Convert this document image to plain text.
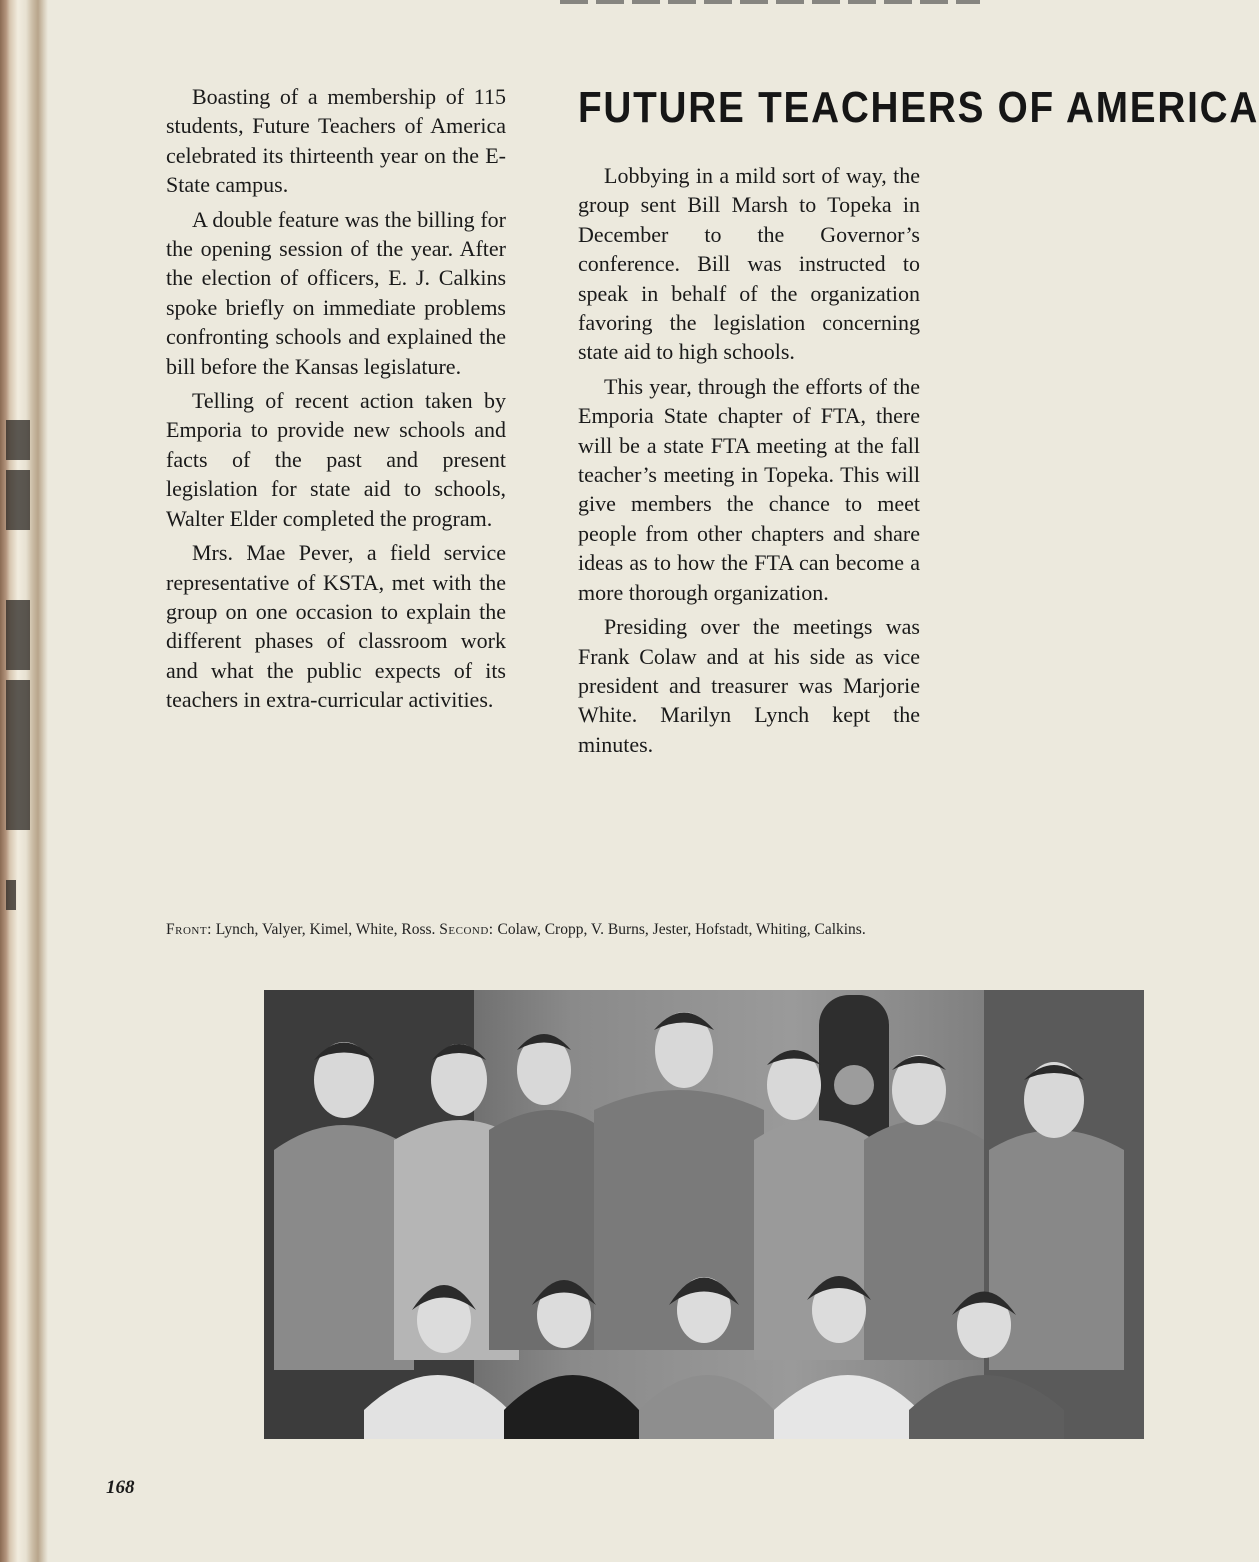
FUTURE TEACHERS OF AMERICA

Boasting of a membership of 115 students, Future Teachers of America celebrated its thirteenth year on the E-State campus.

A double feature was the billing for the opening session of the year. After the election of officers, E. J. Calkins spoke briefly on immediate problems confronting schools and explained the bill before the Kansas legislature.

Telling of recent action taken by Emporia to provide new schools and facts of the past and present legislation for state aid to schools, Walter Elder completed the program.

Mrs. Mae Pever, a field service representative of KSTA, met with the group on one occasion to explain the different phases of classroom work and what the public expects of its teachers in extra-curricular activities.

Lobbying in a mild sort of way, the group sent Bill Marsh to Topeka in December to the Governor’s conference. Bill was instructed to speak in behalf of the organization favoring the legislation concerning state aid to high schools.

This year, through the efforts of the Emporia State chapter of FTA, there will be a state FTA meeting at the fall teacher’s meeting in Topeka. This will give members the chance to meet people from other chapters and share ideas as to how the FTA can become a more thorough organization.

Presiding over the meetings was Frank Colaw and at his side as vice president and treasurer was Marjorie White. Marilyn Lynch kept the minutes.

Front: Lynch, Valyer, Kimel, White, Ross. Second: Colaw, Cropp, V. Burns, Jester, Hofstadt, Whiting, Calkins.
168
